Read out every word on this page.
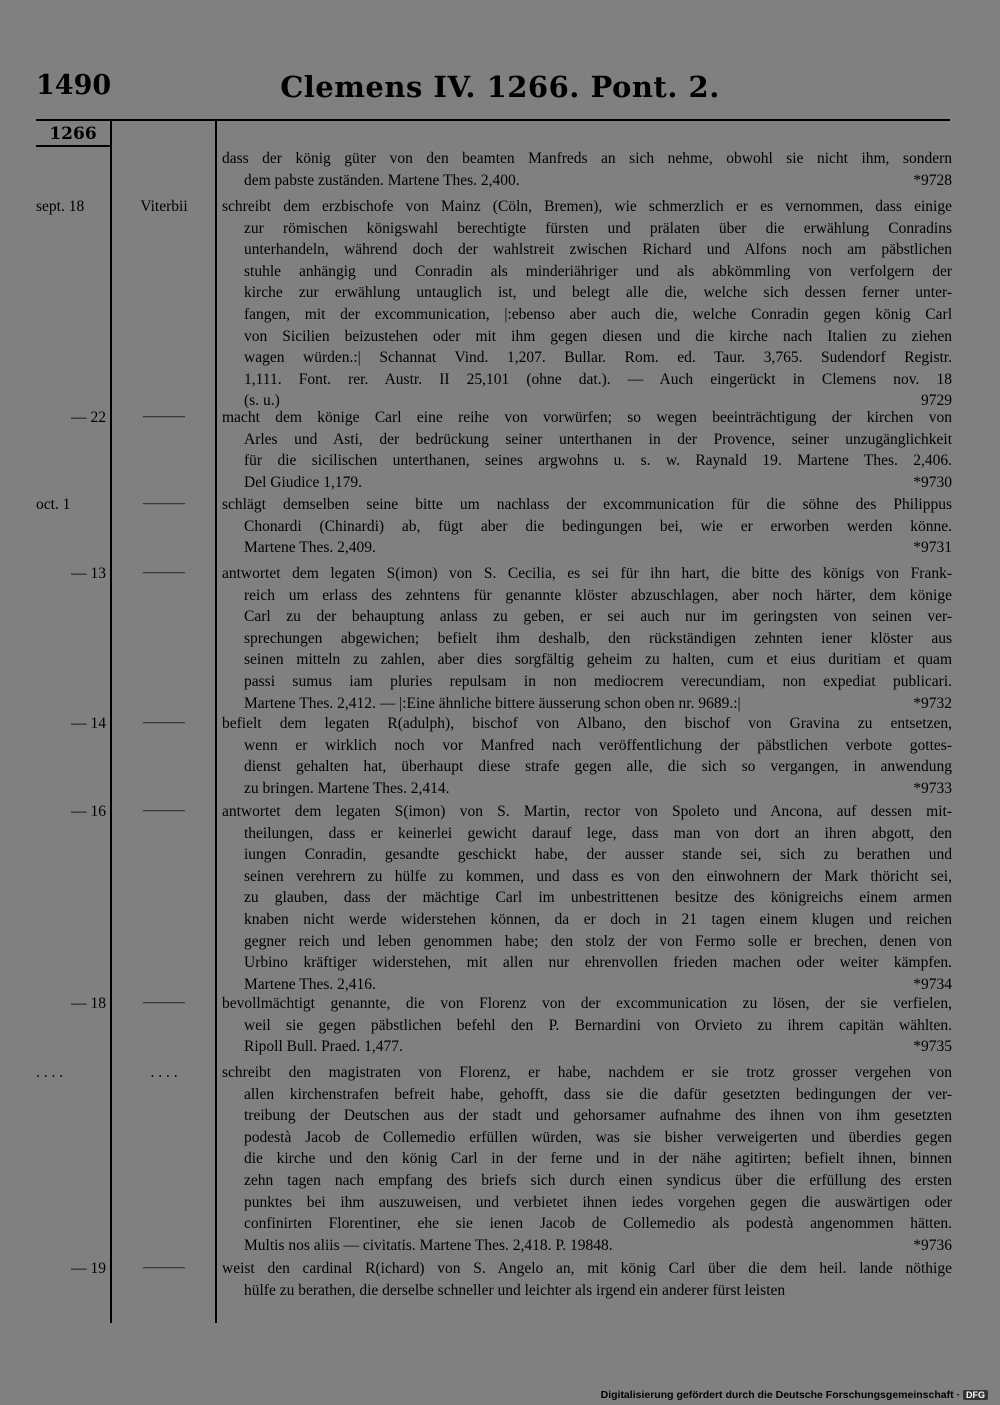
1490	Clemens IV. 1266. Pont. 2.
1266
dass der könig güter von den beamten Manfreds an sich nehme, obwohl sie nicht ihm, sondern
dem pabste zuständen. Martene Thes. 2,400.	*9728
sept. 18	Viterbii	schreibt dem erzbischofe von Mainz (Cöln, Bremen), wie schmerzlich er es vernommen, dass einige
zur römischen königswahl berechtigte fürsten und prälaten über die erwählung Conradins
unterhandeln, während doch der wahlstreit zwischen Richard und Alfons noch am päbstlichen
stuhle anhängig und Conradin als minderiähriger und als abkömmling von verfolgern der
kirche zur erwählung untauglich ist, und belegt alle die, welche sich dessen ferner unter-
fangen, mit der excommunication, |:ebenso aber auch die, welche Conradin gegen könig Carl
von Sicilien beizustehen oder mit ihm gegen diesen und die kirche nach Italien zu ziehen
wagen würden.:| Schannat Vind. 1,207. Bullar. Rom. ed. Taur. 3,765. Sudendorf Registr.
1,111. Font. rer. Austr. II 25,101 (ohne dat.). — Auch eingerückt in Clemens nov. 18
(s. u.)	9729
— 22	———	macht dem könige Carl eine reihe von vorwürfen; so wegen beeinträchtigung der kirchen von
Arles und Asti, der bedrückung seiner unterthanen in der Provence, seiner unzugänglichkeit
für die sicilischen unterthanen, seines argwohns u. s. w. Raynald 19. Martene Thes. 2,406.
Del Giudice 1,179.	*9730
oct. 1	———	schlägt demselben seine bitte um nachlass der excommunication für die söhne des Philippus
Chonardi (Chinardi) ab, fügt aber die bedingungen bei, wie er erworben werden könne.
Martene Thes. 2,409.	*9731
— 13	———	antwortet dem legaten S(imon) von S. Cecilia, es sei für ihn hart, die bitte des königs von Frank-
reich um erlass des zehntens für genannte klöster abzuschlagen, aber noch härter, dem könige
Carl zu der behauptung anlass zu geben, er sei auch nur im geringsten von seinen ver-
sprechungen abgewichen; befielt ihm deshalb, den rückständigen zehnten iener klöster aus
seinen mitteln zu zahlen, aber dies sorgfältig geheim zu halten, cum et eius duritiam et quam
passi sumus iam pluries repulsam in non mediocrem verecundiam, non expediat publicari.
Martene Thes. 2,412. — |:Eine ähnliche bittere äusserung schon oben nr. 9689.:|	*9732
— 14	———	befielt dem legaten R(adulph), bischof von Albano, den bischof von Gravina zu entsetzen,
wenn er wirklich noch vor Manfred nach veröffentlichung der päbstlichen verbote gottes-
dienst gehalten hat, überhaupt diese strafe gegen alle, die sich so vergangen, in anwendung
zu bringen. Martene Thes. 2,414.	*9733
— 16	———	antwortet dem legaten S(imon) von S. Martin, rector von Spoleto und Ancona, auf dessen mit-
theilungen, dass er keinerlei gewicht darauf lege, dass man von dort an ihren abgott, den
iungen Conradin, gesandte geschickt habe, der ausser stande sei, sich zu berathen und
seinen verehrern zu hülfe zu kommen, und dass es von den einwohnern der Mark thöricht sei,
zu glauben, dass der mächtige Carl im unbestrittenen besitze des königreichs einem armen
knaben nicht werde widerstehen können, da er doch in 21 tagen einem klugen und reichen
gegner reich und leben genommen habe; den stolz der von Fermo solle er brechen, denen von
Urbino kräftiger widerstehen, mit allen nur ehrenvollen frieden machen oder weiter kämpfen.
Martene Thes. 2,416.	*9734
— 18	———	bevollmächtigt genannte, die von Florenz von der excommunication zu lösen, der sie verfielen,
weil sie gegen päbstlichen befehl den P. Bernardini von Orvieto zu ihrem capitän wählten.
Ripoll Bull. Praed. 1,477.	*9735
. . . .	. . . .	schreibt den magistraten von Florenz, er habe, nachdem er sie trotz grosser vergehen von
allen kirchenstrafen befreit habe, gehofft, dass sie die dafür gesetzten bedingungen der ver-
treibung der Deutschen aus der stadt und gehorsamer aufnahme des ihnen von ihm gesetzten
podestà Jacob de Collemedio erfüllen würden, was sie bisher verweigerten und überdies gegen
die kirche und den könig Carl in der ferne und in der nähe agitirten; befielt ihnen, binnen
zehn tagen nach empfang des briefs sich durch einen syndicus über die erfüllung des ersten
punktes bei ihm auszuweisen, und verbietet ihnen iedes vorgehen gegen die auswärtigen oder
confinirten Florentiner, ehe sie ienen Jacob de Collemedio als podestà angenommen hätten.
Multis nos aliis — civitatis. Martene Thes. 2,418. P. 19848.	*9736
— 19	———	weist den cardinal R(ichard) von S. Angelo an, mit könig Carl über die dem heil. lande nöthige
hülfe zu berathen, die derselbe schneller und leichter als irgend ein anderer fürst leisten
Digitalisierung gefördert durch die Deutsche Forschungsgemeinschaft · DFG
